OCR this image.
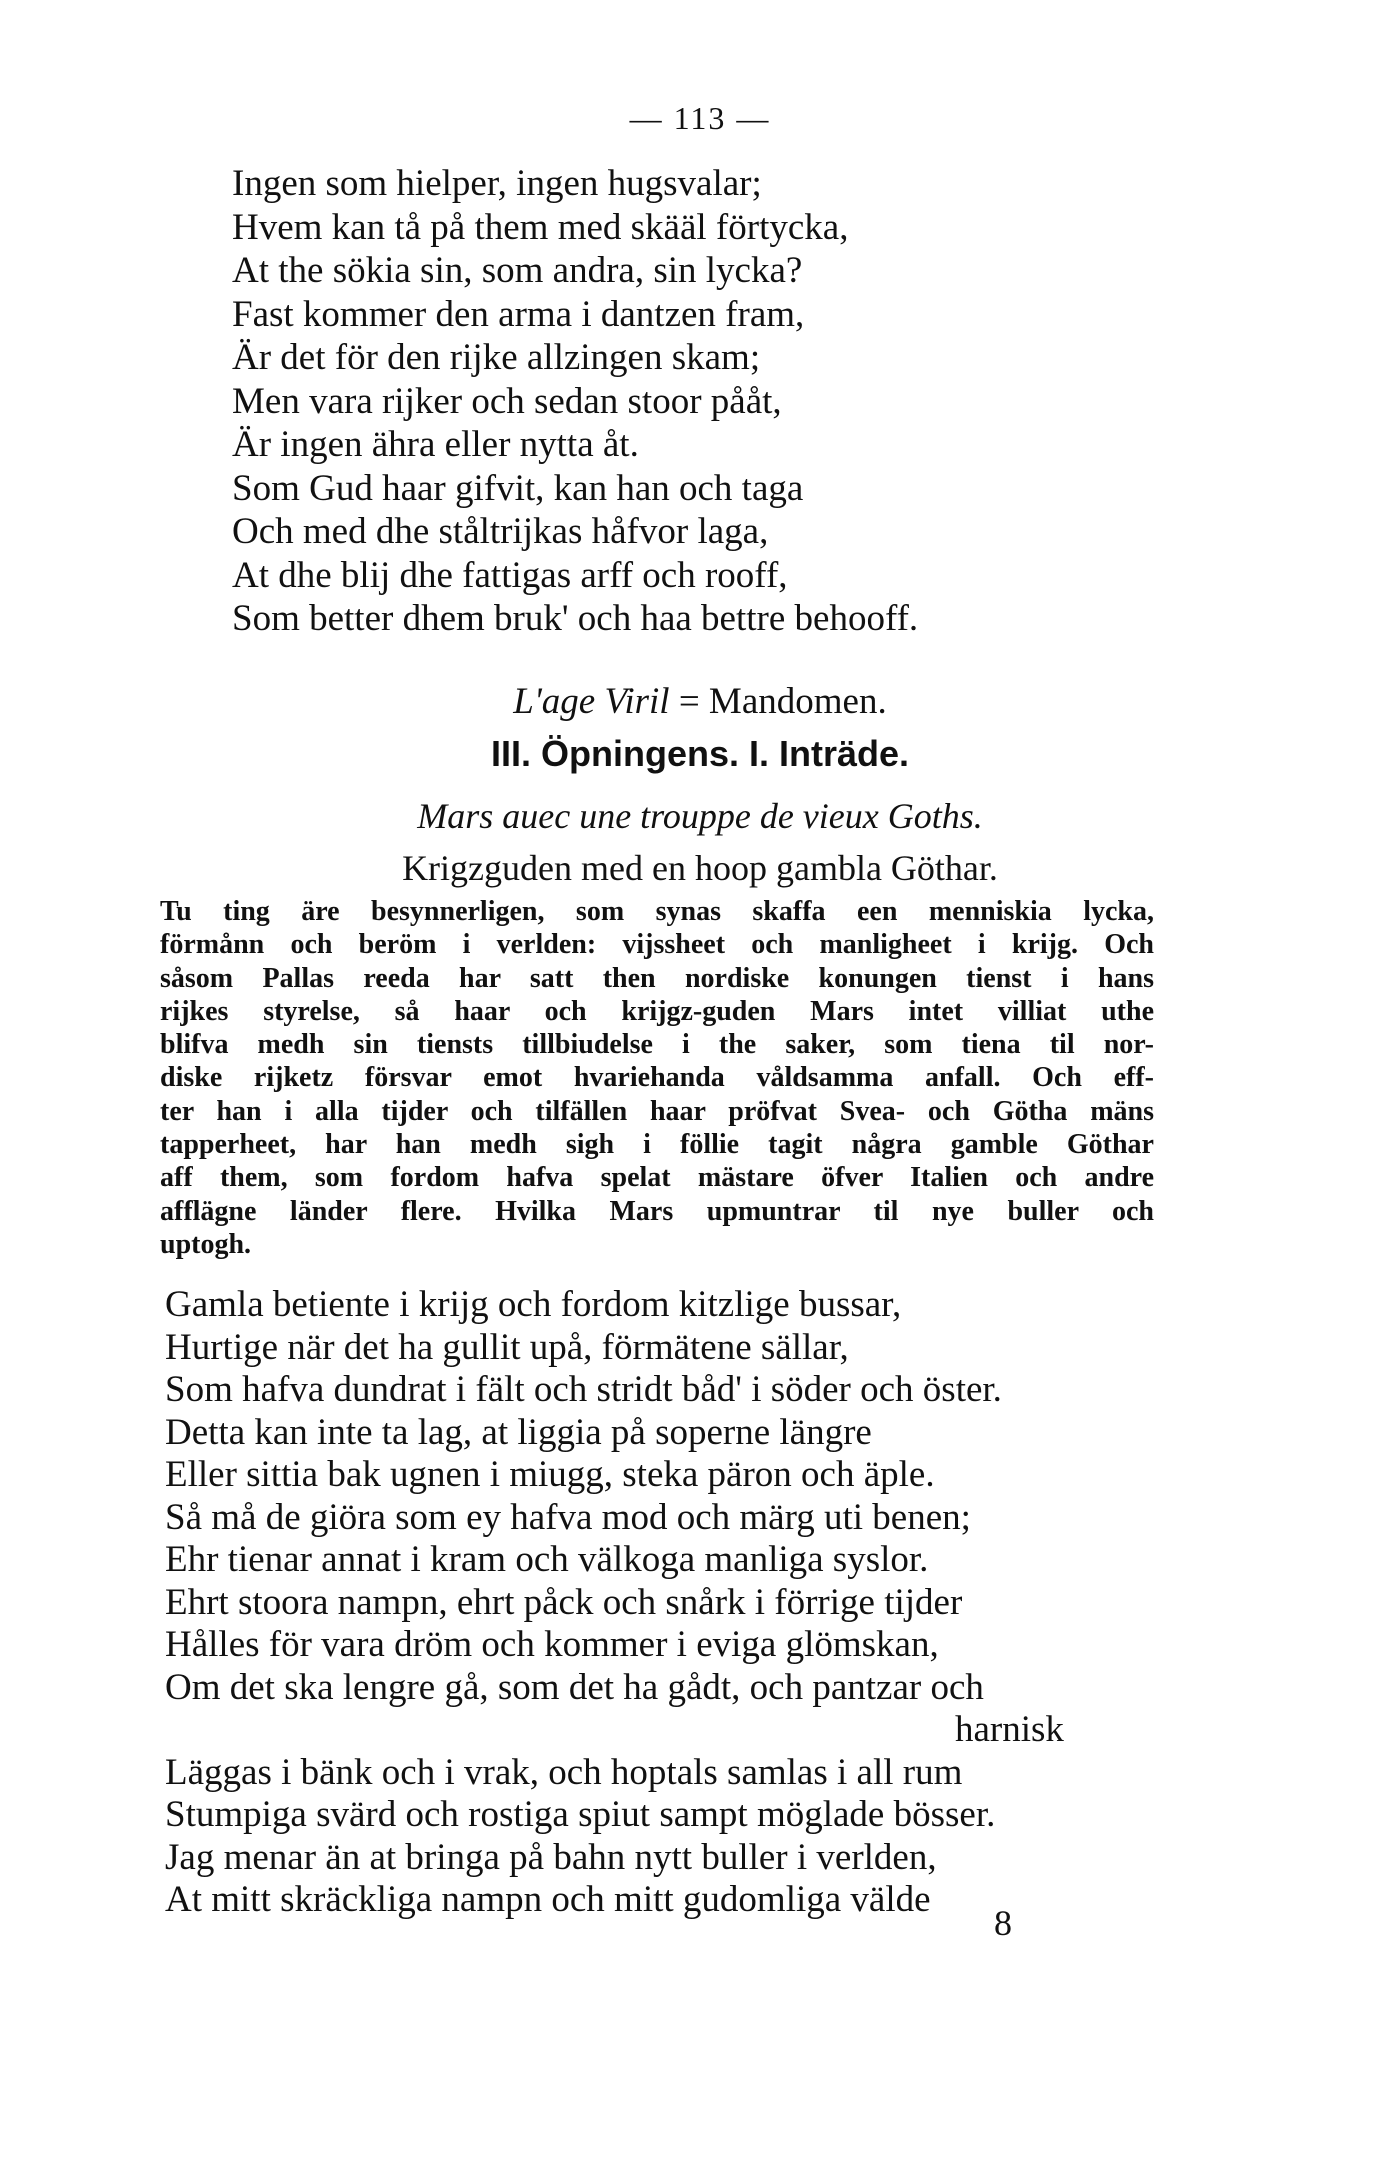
— 113 —
Ingen som hielper, ingen hugsvalar;
Hvem kan tå på them med skääl förtycka,
At the sökia sin, som andra, sin lycka?
Fast kommer den arma i dantzen fram,
Är det för den rijke allzingen skam;
Men vara rijker och sedan stoor pååt,
Är ingen ähra eller nytta åt.
Som Gud haar gifvit, kan han och taga
Och med dhe ståltrijkas håfvor laga,
At dhe blij dhe fattigas arff och rooff,
Som better dhem bruk' och haa bettre behooff.
L'age Viril = Mandomen.
III. Öpningens. I. Inträde.
Mars auec une trouppe de vieux Goths.
Krigzguden med en hoop gambla Göthar.
Tu ting äre besynnerligen, som synas skaffa een menniskia lycka,
förmånn och beröm i verlden: vijssheet och manligheet i krijg. Och
såsom Pallas reeda har satt then nordiske konungen tienst i hans
rijkes styrelse, så haar och krijgz-guden Mars intet villiat uthe
blifva medh sin tiensts tillbiudelse i the saker, som tiena til nor-
diske rijketz försvar emot hvariehanda våldsamma anfall. Och eff-
ter han i alla tijder och tilfällen haar pröfvat Svea- och Götha mäns
tapperheet, har han medh sigh i föllie tagit några gamble Göthar
aff them, som fordom hafva spelat mästare öfver Italien och andre
afflägne länder flere. Hvilka Mars upmuntrar til nye buller och
uptogh.
Gamla betiente i krijg och fordom kitzlige bussar,
Hurtige när det ha gullit upå, förmätene sällar,
Som hafva dundrat i fält och stridt båd' i söder och öster.
Detta kan inte ta lag, at liggia på soperne längre
Eller sittia bak ugnen i miugg, steka päron och äple.
Så må de giöra som ey hafva mod och märg uti benen;
Ehr tienar annat i kram och välkoga manliga syslor.
Ehrt stoora nampn, ehrt påck och snårk i förrige tijder
Hålles för vara dröm och kommer i eviga glömskan,
Om det ska lengre gå, som det ha gådt, och pantzar och
harnisk
Läggas i bänk och i vrak, och hoptals samlas i all rum
Stumpiga svärd och rostiga spiut sampt möglade bösser.
Jag menar än at bringa på bahn nytt buller i verlden,
At mitt skräckliga nampn och mitt gudomliga välde
8
